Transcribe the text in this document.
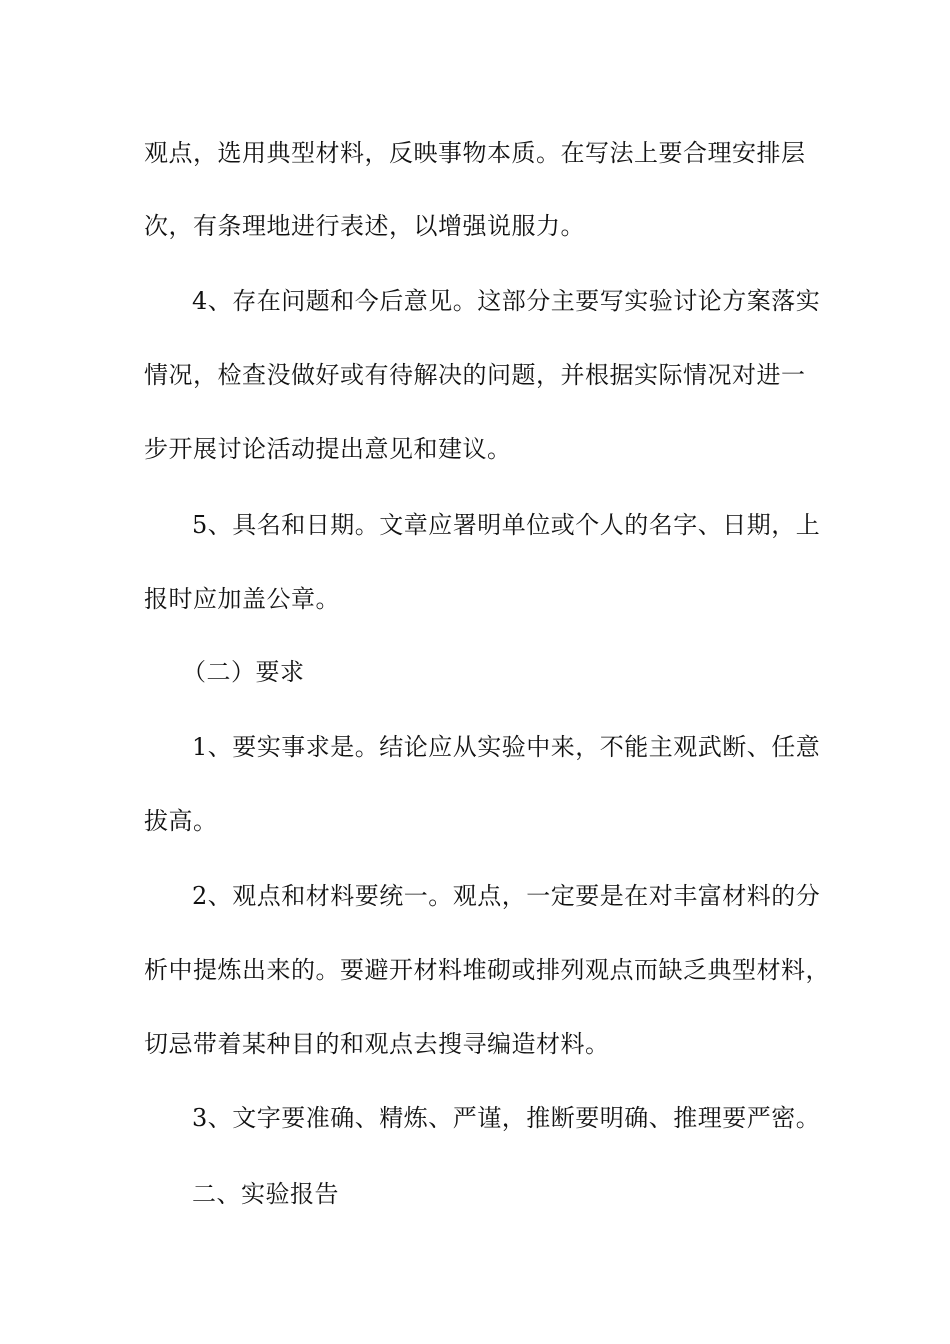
观点，选用典型材料，反映事物本质。在写法上要合理安排层
次，有条理地进行表述，以增强说服力。
4、存在问题和今后意见。这部分主要写实验讨论方案落实
情况，检查没做好或有待解决的问题，并根据实际情况对进一
步开展讨论活动提出意见和建议。
5、具名和日期。文章应署明单位或个人的名字、日期，上
报时应加盖公章。
（二）要求
1、要实事求是。结论应从实验中来，不能主观武断、任意
拔高。
2、观点和材料要统一。观点，一定要是在对丰富材料的分
析中提炼出来的。要避开材料堆砌或排列观点而缺乏典型材料，
切忌带着某种目的和观点去搜寻编造材料。
3、文字要准确、精炼、严谨，推断要明确、推理要严密。
二、实验报告
